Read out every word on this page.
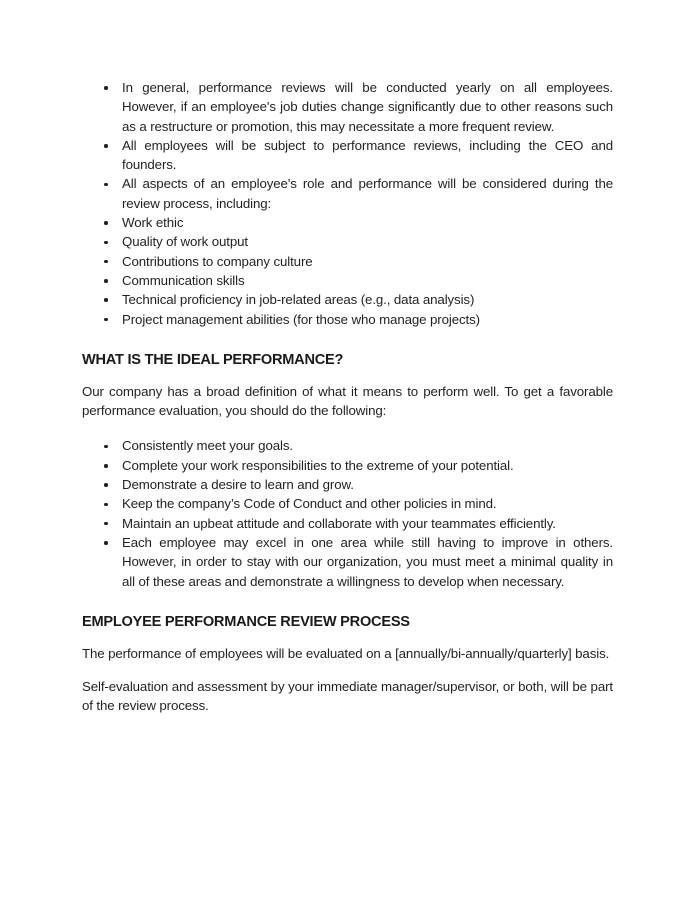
In general, performance reviews will be conducted yearly on all employees. However, if an employee's job duties change significantly due to other reasons such as a restructure or promotion, this may necessitate a more frequent review.
All employees will be subject to performance reviews, including the CEO and founders.
All aspects of an employee's role and performance will be considered during the review process, including:
Work ethic
Quality of work output
Contributions to company culture
Communication skills
Technical proficiency in job-related areas (e.g., data analysis)
Project management abilities (for those who manage projects)
WHAT IS THE IDEAL PERFORMANCE?

Our company has a broad definition of what it means to perform well. To get a favorable performance evaluation, you should do the following:

Consistently meet your goals.
Complete your work responsibilities to the extreme of your potential.
Demonstrate a desire to learn and grow.
Keep the company’s Code of Conduct and other policies in mind.
Maintain an upbeat attitude and collaborate with your teammates efficiently.
Each employee may excel in one area while still having to improve in others. However, in order to stay with our organization, you must meet a minimal quality in all of these areas and demonstrate a willingness to develop when necessary.
EMPLOYEE PERFORMANCE REVIEW PROCESS

The performance of employees will be evaluated on a [annually/bi-annually/quarterly] basis.

Self-evaluation and assessment by your immediate manager/supervisor, or both, will be part of the review process.
